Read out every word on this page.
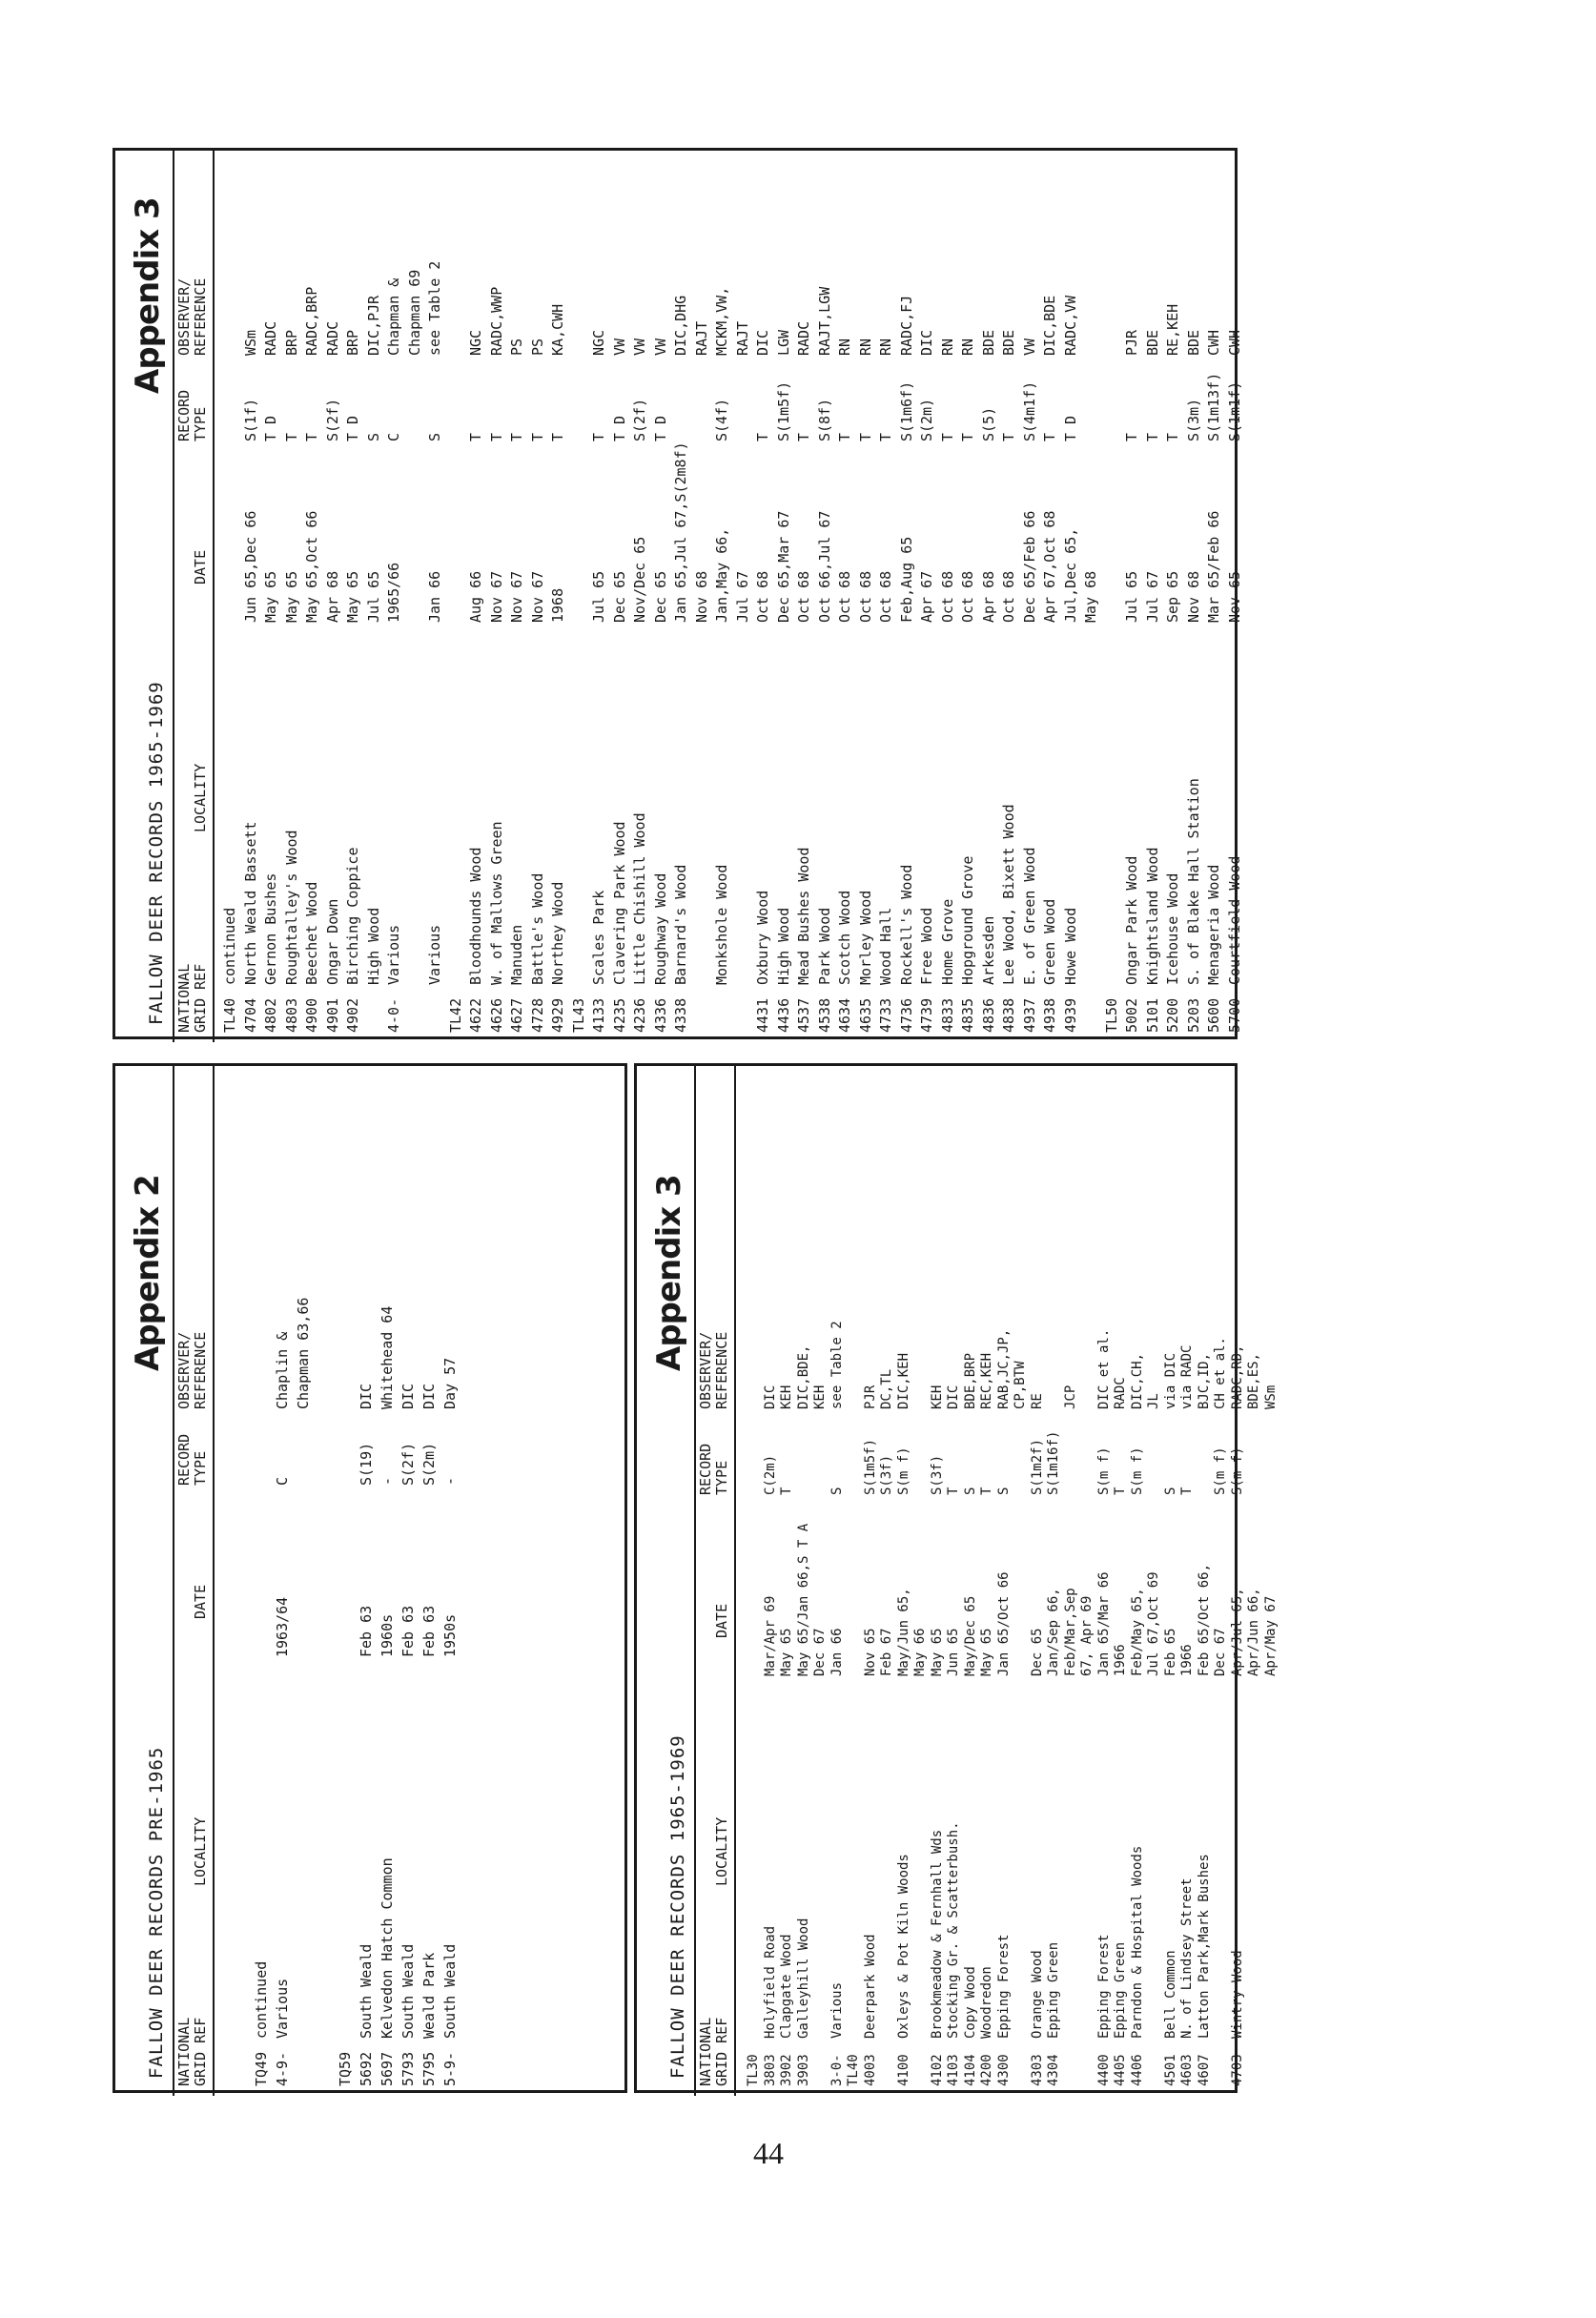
FALLOW DEER RECORDS PRE-1965
Appendix 2
NATIONAL GRID REF
LOCALITY
DATE
RECORD TYPE
OBSERVER/ REFERENCE
TQ49
continued
4-9-
Various
1963/64
C
Chaplin & Chapman 63,66
TQ59 5692
South Weald
Feb 63
S(19)
DIC
5697
Kelvedon Hatch Common
1960s
-
Whitehead 64
5793
South Weald
Feb 63
S(2f)
DIC
5795
Weald Park
Feb 63
S(2m)
DIC
5-9-
South Weald
1950s
-
Day 57
FALLOW DEER RECORDS 1965-1969
Appendix 3
NATIONAL GRID REF
LOCALITY
DATE
RECORD TYPE
OBSERVER/ REFERENCE
TL30 3803
Holyfield Road
Mar/Apr 69
C(2m)
DIC
3902
Clapgate Wood
May 65
T
KEH
3903
Galleyhill Wood
May 65/Jan 66,S T A
DIC,BDE,
Dec 67
KEH
3-0-
Various
Jan 66
S
see Table 2
TL40 4003
Deerpark Wood
Nov 65
S(1m5f)
PJR
Feb 67
S(3f)
DC,TL
4100
Oxleys & Pot Kiln Woods
May/Jun 65,
S(m f)
DIC,KEH
May 66
4102
Brookmeadow & Fernhall Wds
May 65
S(3f)
KEH
4103
Stocking Gr. & Scatterbush.
Jun 65
T
DIC
4104
Copy Wood
May/Dec 65
S
BDE,BRP
4200
Woodredon
May 65
T
REC,KEH
4300
Epping Forest
Jan 65/Oct 66
S
RAB,JC,JP, CP,BTW
4303
Orange Wood
Dec 65
S(1m2f)
RE
4304
Epping Green
Jan/Sep 66,
S(1m16f)
Feb/Mar,Sep
JCP
67, Apr 69
4400
Epping Forest
Jan 65/Mar 66
S(m f)
DIC et al.
4405
Epping Green
1966
T
RADC
4406
Parndon & Hospital Woods
Feb/May 65,
S(m f)
DIC,CH,
Jul 67,Oct 69
JL
4501
Bell Common
Feb 65
S
via DIC
4603
N. of Lindsey Street
1966
T
via RADC
4607
Latton Park,Mark Bushes
Feb 65/Oct 66,
BJC,ID,
Dec 67
S(m f)
CH et al.
4703
Wintry Wood
Apr/Jul 65,
S(m f)
RADC,RD,
Apr/Jun 66,
BDE,ES,
Apr/May 67
WSm
FALLOW DEER RECORDS 1965-1969
Appendix 3
NATIONAL GRID REF
LOCALITY
DATE
RECORD TYPE
OBSERVER/ REFERENCE
TL40
continued
4704
North Weald Bassett
Jun 65,Dec 66
S(1f)
WSm
4802
Gernon Bushes
May 65
T D
RADC
4803
Roughtalley's Wood
May 65
T
BRP
4900
Beechet Wood
May 65,Oct 66
T
RADC,BRP
4901
Ongar Down
Apr 68
S(2f)
RADC
4902
Birching Coppice
May 65
T D
BRP
High Wood
Jul 65
S
DIC,PJR
4-0-
Various
1965/66
C
Chapman & Chapman 69
Various
Jan 66
S
see Table 2
TL42 4622
Bloodhounds Wood
Aug 66
T
NGC
4626
W. of Mallows Green
Nov 67
T
RADC,WWP
4627
Manuden
Nov 67
T
PS
4728
Battle's Wood
Nov 67
T
PS
4929
Northey Wood
1968
T
KA,CWH
TL43 4133
Scales Park
Jul 65
T
NGC
4235
Clavering Park Wood
Dec 65
T D
VW
4236
Little Chishill Wood
Nov/Dec 65
S(2f)
VW
4336
Roughway Wood
Dec 65
T D
VW
4338
Barnard's Wood
Jan 65,Jul 67,S(2m8f)
DIC,DHG
Nov 68
RAJT
Monkshole Wood
Jan,May 66,
S(4f)
MCKM,VW,
Jul 67
RAJT
4431
Oxbury Wood
Oct 68
T
DIC
4436
High Wood
Dec 65,Mar 67
S(1m5f)
LGW
4537
Mead Bushes Wood
Oct 68
T
RADC
4538
Park Wood
Oct 66,Jul 67
S(8f)
RAJT,LGW
4634
Scotch Wood
Oct 68
T
RN
4635
Morley Wood
Oct 68
T
RN
4733
Wood Hall
Oct 68
T
RN
4736
Rockell's Wood
Feb,Aug 65
S(1m6f)
RADC,FJ
4739
Free Wood
Apr 67
S(2m)
DIC
4833
Home Grove
Oct 68
T
RN
4835
Hopground Grove
Oct 68
T
RN
4836
Arkesden
Apr 68
S(5)
BDE
4838
Lee Wood, Bixett Wood
Oct 68
T
BDE
4937
E. of Green Wood
Dec 65/Feb 66
S(4m1f)
VW
4938
Green Wood
Apr 67,Oct 68
T
DIC,BDE
4939
Howe Wood
Jul,Dec 65,
T D
RADC,VW
May 68
TL50 5002
Ongar Park Wood
Jul 65
T
PJR
5101
Knightsland Wood
Jul 67
T
BDE
5200
Icehouse Wood
Sep 65
T
RE,KEH
5203
S. of Blake Hall Station
Nov 68
S(3m)
BDE
5600
Menageria Wood
Mar 65/Feb 66
S(1m13f)
CWH
5700
Courtfield Wood
Nov 65
S(1m1f)
CWH
44
